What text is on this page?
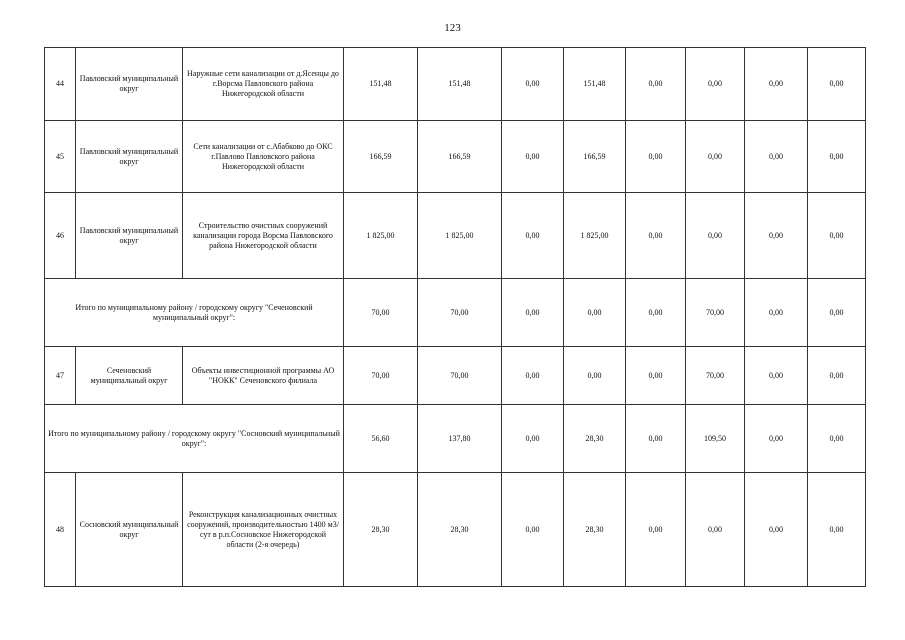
123
44	Павловский муниципальный округ	Наружные сети канализации от д.Ясенцы до г.Ворсма Павловского района Нижегородской области	151,48	151,48	0,00	151,48	0,00	0,00	0,00	0,00
45	Павловский муниципальный округ	Сети канализации от с.Абабково до ОКС г.Павлово Павловского района Нижегородской области	166,59	166,59	0,00	166,59	0,00	0,00	0,00	0,00
46	Павловский муниципальный округ	Строительство очистных сооружений канализации города Ворсма Павловского района Нижегородской области	1 825,00	1 825,00	0,00	1 825,00	0,00	0,00	0,00	0,00
Итого по муниципальному району / городскому округу "Сеченовский муниципальный округ":			70,00	70,00	0,00	0,00	0,00	70,00	0,00	0,00
47	Сеченовский муниципальный округ	Объекты инвестиционной программы АО "НОКК" Сеченовского филиала	70,00	70,00	0,00	0,00	0,00	70,00	0,00	0,00
Итого по муниципальному району / городскому округу "Сосновский муниципальный округ":			56,60	137,80	0,00	28,30	0,00	109,50	0,00	0,00
48	Сосновский муниципальный округ	Реконструкция канализационных очистных сооружений, производительностью 1400 м3/сут в р.п.Сосновское Нижегородской области (2-я очередь)	28,30	28,30	0,00	28,30	0,00	0,00	0,00	0,00
